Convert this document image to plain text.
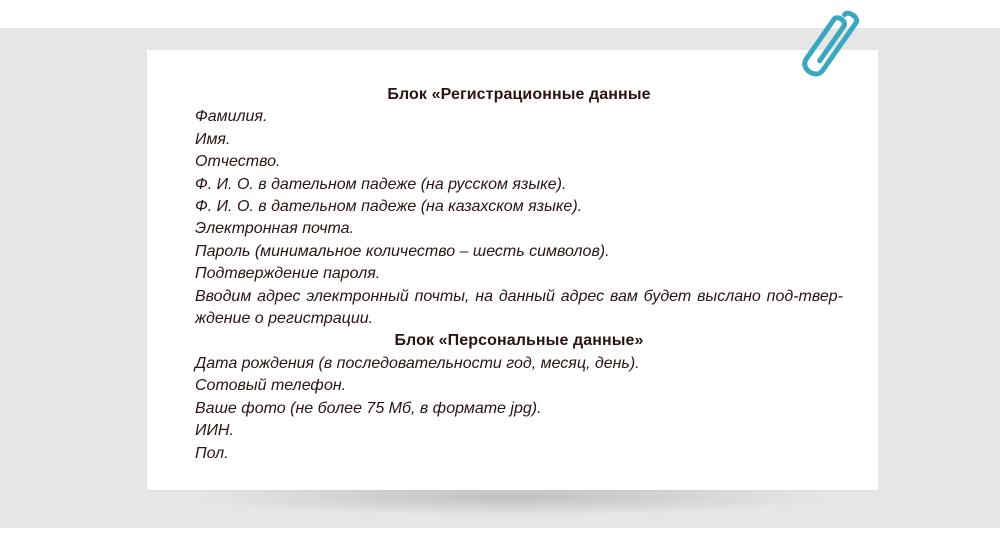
Блок «Регистрационные данные
Фамилия.
Имя.
Отчество.
Ф. И. О. в дательном падеже (на русском языке).
Ф. И. О. в дательном падеже (на казахском языке).
Электронная почта.
Пароль (минимальное количество – шесть символов).
Подтверждение пароля.
Вводим адрес электронный почты, на данный адрес вам будет выслано под-твер-ждение о регистрации.
Блок «Персональные данные»
Дата рождения (в последовательности год, месяц, день).
Сотовый телефон.
Ваше фото (не более 75 Мб, в формате jpg).
ИИН.
Пол.
